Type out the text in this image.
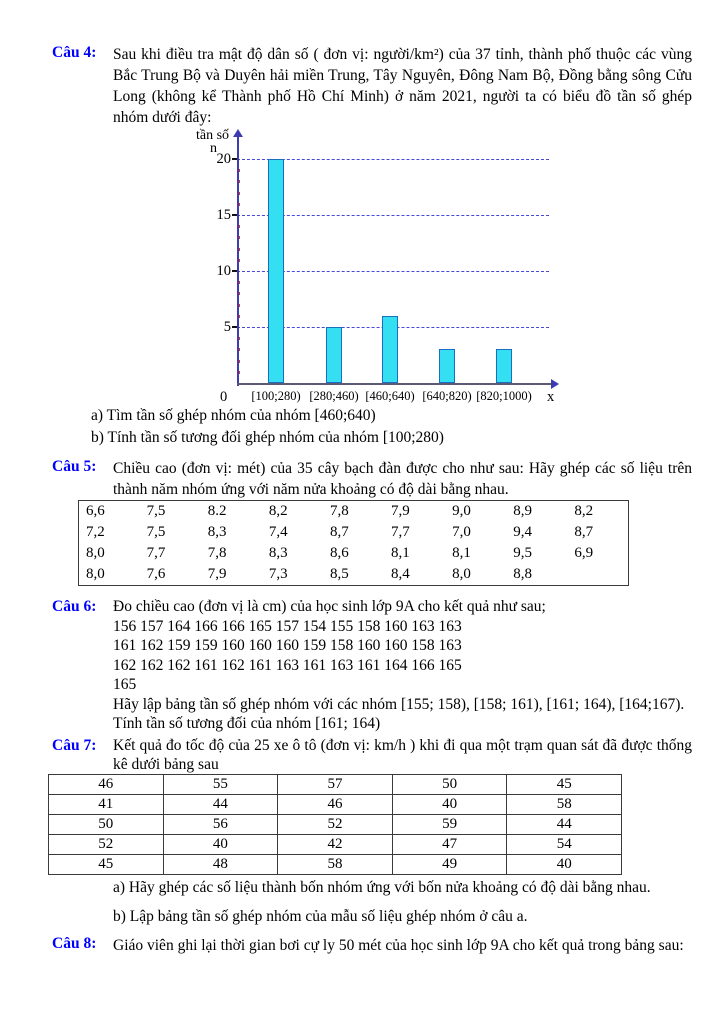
Câu 4:	Sau khi điều tra mật độ dân số ( đơn vị: người/km²) của 37 tỉnh, thành phố thuộc các vùng Bắc Trung Bộ và Duyên hải miền Trung, Tây Nguyên, Đông Nam Bộ, Đồng bằng sông Cửu Long (không kể Thành phố Hồ Chí Minh) ở năm 2021, người ta có biểu đồ tần số ghép nhóm dưới đây:
5
10
15
20
[100;280) [280;460) [460;640) [640;820) [820;1000)
tần số
n
0	x
a) Tìm tần số ghép nhóm của nhóm [460;640)
b) Tính tần số tương đối ghép nhóm của nhóm [100;280)
Câu 5:	Chiều cao (đơn vị: mét) của 35 cây bạch đàn được cho như sau: Hãy ghép các số liệu trên thành năm nhóm ứng với năm nửa khoảng có độ dài bằng nhau.
6,6	7,5	8.2	8,2	7,8	7,9	9,0	8,9	8,2
7,2	7,5	8,3	7,4	8,7	7,7	7,0	9,4	8,7
8,0	7,7	7,8	8,3	8,6	8,1	8,1	9,5	6,9
8,0	7,6	7,9	7,3	8,5	8,4	8,0	8,8	
Câu 6:	Đo chiều cao (đơn vị là cm) của học sinh lớp 9A cho kết quả như sau;
156 157 164 166 166 165 157 154 155 158 160 163 163
161 162 159 159 160 160 160 159 158 160 160 158 163
162 162 162 161 162 161 163 161 163 161 164 166 165
165
Hãy lập bảng tần số ghép nhóm với các nhóm [155; 158), [158; 161), [161; 164), [164;167).
Tính tần số tương đối của nhóm [161; 164)
Câu 7:	Kết quả đo tốc độ của 25 xe ô tô (đơn vị: km/h ) khi đi qua một trạm quan sát đã được thống kê dưới bảng sau
46	55	57	50	45
41	44	46	40	58
50	56	52	59	44
52	40	42	47	54
45	48	58	49	40
a) Hãy ghép các số liệu thành bốn nhóm ứng với bốn nửa khoảng có độ dài bằng nhau.
b) Lập bảng tần số ghép nhóm của mẫu số liệu ghép nhóm ở câu a.
Câu 8:	Giáo viên ghi lại thời gian bơi cự ly 50 mét của học sinh lớp 9A cho kết quả trong bảng sau:
